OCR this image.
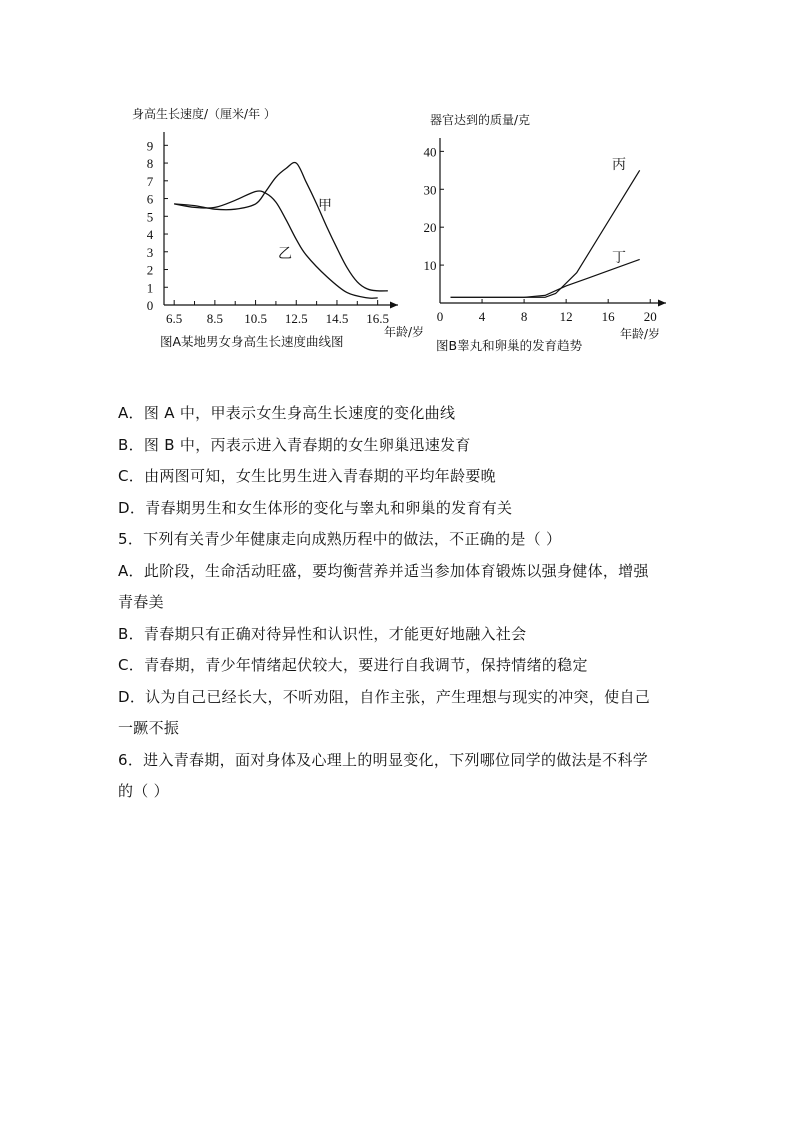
身高生长速度/（厘米/年 ）
0
1
2
3
4
5
6
7
8
9
6.5 8.5 10.5 12.5 14.5 16.5
甲
乙
年龄/岁
图A某地男女身高生长速度曲线图
器官达到的质量/克
10
20
30
40
0	4	8 12 16 20
丙
丁
年龄/岁
图B睾丸和卵巢的发育趋势
A．图 A 中，甲表示女生身高生长速度的变化曲线
B．图 B 中，丙表示进入青春期的女生卵巢迅速发育
C．由两图可知，女生比男生进入青春期的平均年龄要晚
D．青春期男生和女生体形的变化与睾丸和卵巢的发育有关
5．下列有关青少年健康走向成熟历程中的做法，不正确的是（ ）
A．此阶段，生命活动旺盛，要均衡营养并适当参加体育锻炼以强身健体，增强
青春美
B．青春期只有正确对待异性和认识性，才能更好地融入社会
C．青春期，青少年情绪起伏较大，要进行自我调节，保持情绪的稳定
D．认为自己已经长大，不听劝阻，自作主张，产生理想与现实的冲突，使自己
一蹶不振
6．进入青春期，面对身体及心理上的明显变化，下列哪位同学的做法是不科学
的（ ）
